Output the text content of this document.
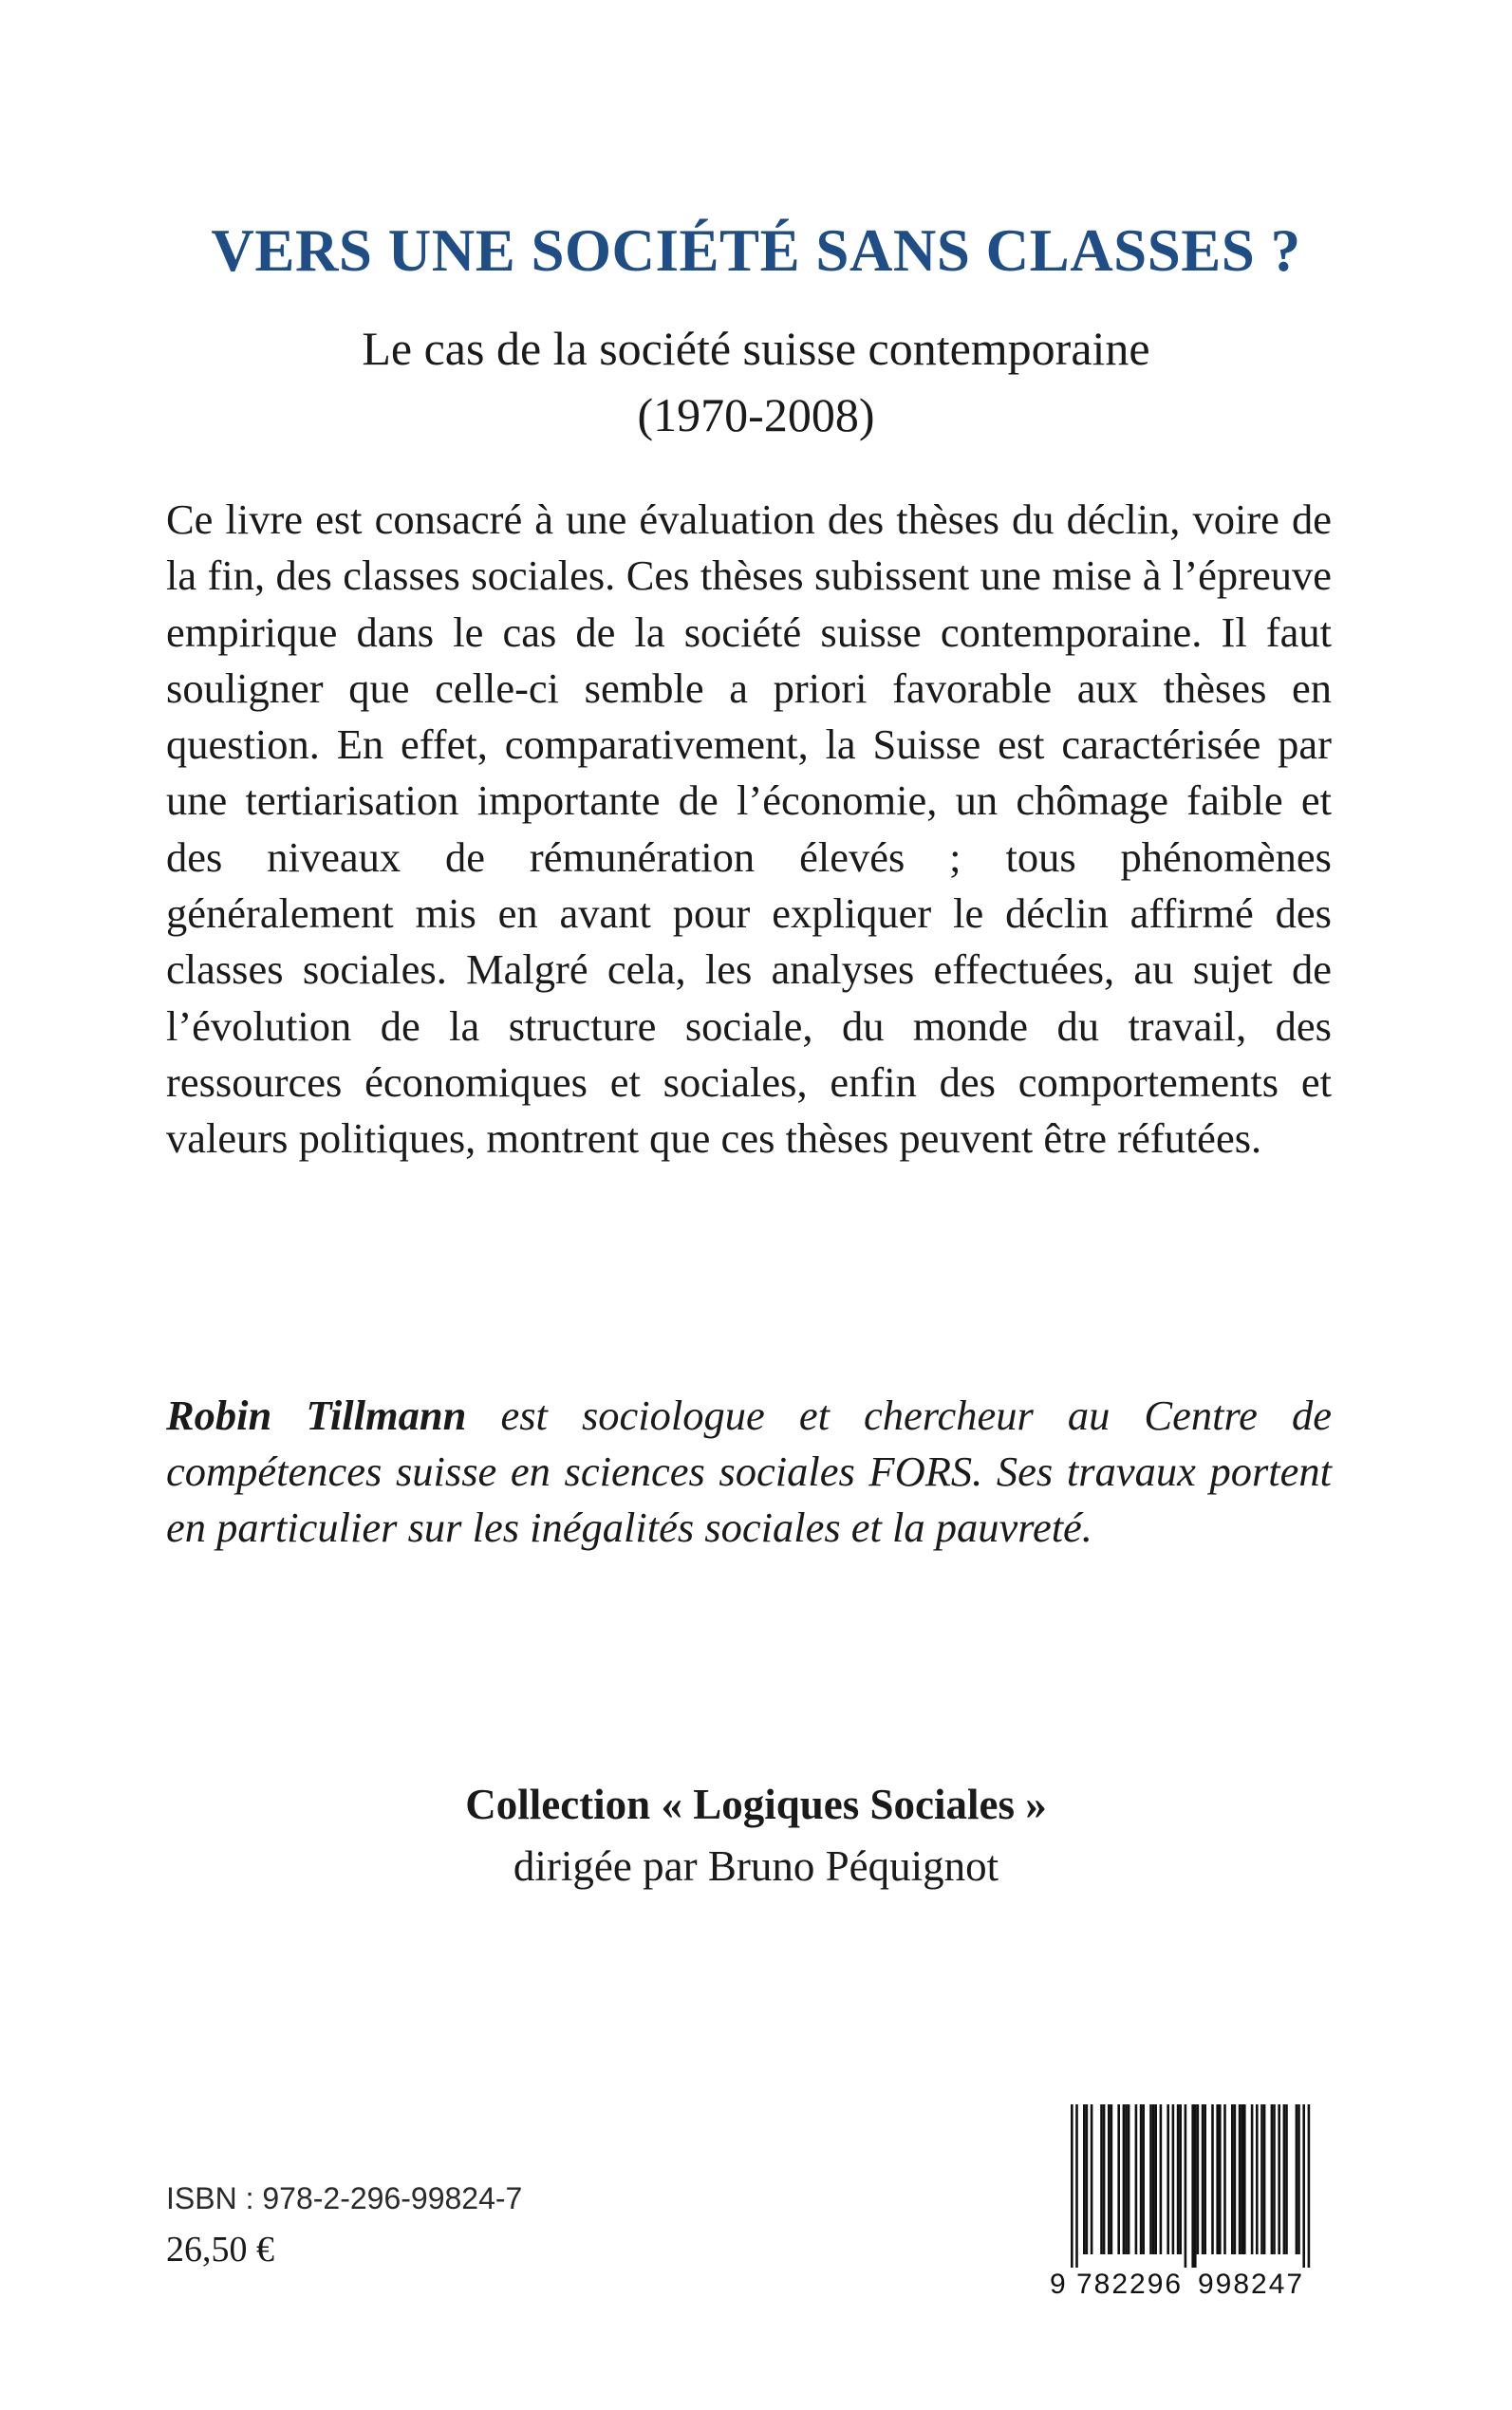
VERS UNE SOCIÉTÉ SANS CLASSES ?
Le cas de la société suisse contemporaine
(1970-2008)

Ce livre est consacré à une évaluation des thèses du déclin, voire de la fin, des classes sociales. Ces thèses subissent une mise à l’épreuve empirique dans le cas de la société suisse contemporaine. Il faut souligner que celle-ci semble a priori favorable aux thèses en question. En effet, comparativement, la Suisse est caractérisée par une tertiarisation importante de l’économie, un chômage faible et des niveaux de rémunération élevés ; tous phénomènes généralement mis en avant pour expliquer le déclin affirmé des classes sociales. Malgré cela, les analyses effectuées, au sujet de l’évolution de la structure sociale, du monde du travail, des ressources économiques et sociales, enfin des comportements et valeurs politiques, montrent que ces thèses peuvent être réfutées.

Robin Tillmann est sociologue et chercheur au Centre de compétences suisse en sciences sociales FORS. Ses travaux portent en particulier sur les inégalités sociales et la pauvreté.

Collection « Logiques Sociales »
dirigée par Bruno Péquignot
ISBN : 978-2-296-99824-7
26,50 €
9 782296 998247
